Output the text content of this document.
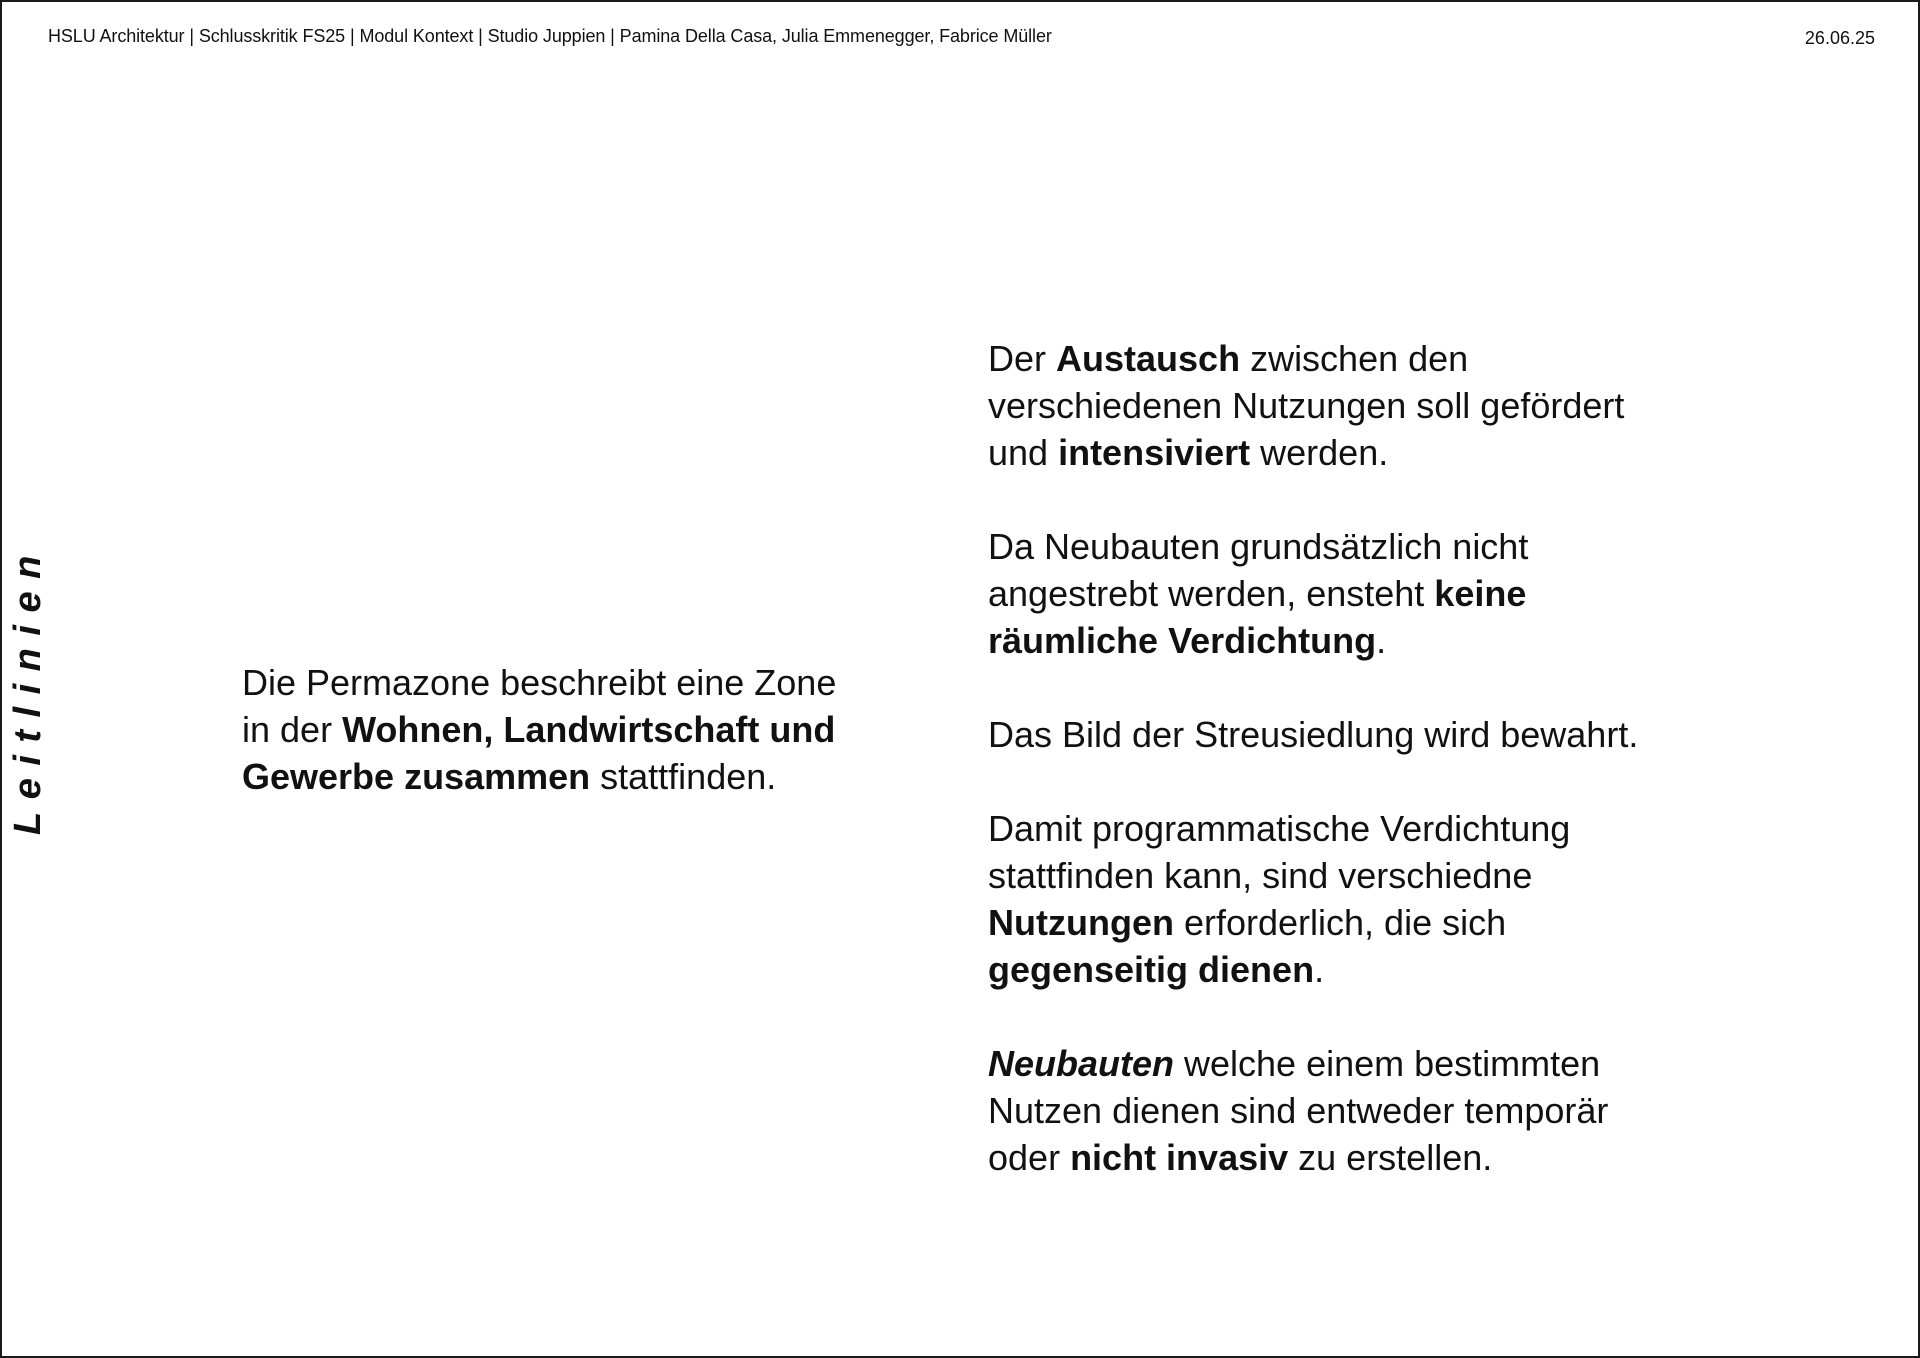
HSLU Architektur | Schlusskritik FS25 | Modul Kontext | Studio Juppien | Pamina Della Casa, Julia Emmenegger, Fabrice Müller	26.06.25
Leitlinien	Die Permazone beschreibt eine Zone
in der Wohnen, Landwirtschaft und
Gewerbe zusammen stattfinden.

Der Austausch zwischen den
verschiedenen Nutzungen soll gefördert
und intensiviert werden.

Da Neubauten grundsätzlich nicht
angestrebt werden, ensteht keine
räumliche Verdichtung.

Das Bild der Streusiedlung wird bewahrt.

Damit programmatische Verdichtung
stattfinden kann, sind verschiedne
Nutzungen erforderlich, die sich
gegenseitig dienen.

Neubauten welche einem bestimmten
Nutzen dienen sind entweder temporär
oder nicht invasiv zu erstellen.
